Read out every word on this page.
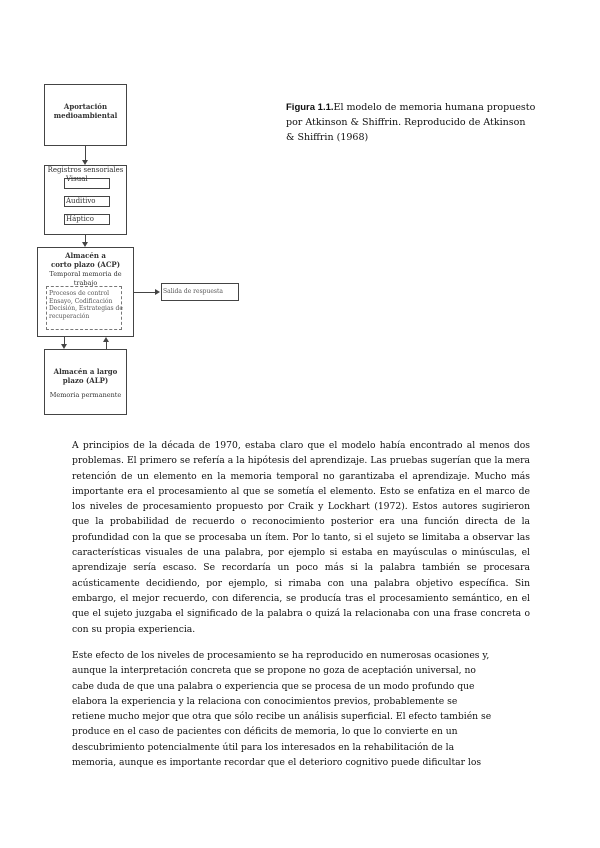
Aportación
medioambiental
Registros sensoriales
Visual
Auditivo
Háptico
Almacén a
corto plazo (ACP)
Temporal memoria de trabajo
Procesos de control
Ensayo, Codificación
Decisión, Estrategias de
recuperación
Salida de respuesta
Almacén a largo
plazo (ALP)
Memoria permanente
Figura 1.1.El modelo de memoria humana propuesto por Atkinson & Shiffrin. Reproducido de Atkinson & Shiffrin (1968)

A principios de la década de 1970, estaba claro que el modelo había encontrado al menos dos problemas. El primero se refería a la hipótesis del aprendizaje. Las pruebas sugerían que la mera retención de un elemento en la memoria temporal no garantizaba el aprendizaje. Mucho más importante era el procesamiento al que se sometía el elemento. Esto se enfatiza en el marco de los niveles de procesamiento propuesto por Craik y Lockhart (1972). Estos autores sugirieron que la probabilidad de recuerdo o reconocimiento posterior era una función directa de la profundidad con la que se procesaba un ítem. Por lo tanto, si el sujeto se limitaba a observar las características visuales de una palabra, por ejemplo si estaba en mayúsculas o minúsculas, el aprendizaje sería escaso. Se recordaría un poco más si la palabra también se procesara acústicamente decidiendo, por ejemplo, si rimaba con una palabra objetivo específica. Sin embargo, el mejor recuerdo, con diferencia, se producía tras el procesamiento semántico, en el que el sujeto juzgaba el significado de la palabra o quizá la relacionaba con una frase concreta o con su propia experiencia.

Este efecto de los niveles de procesamiento se ha reproducido en numerosas ocasiones y, aunque la interpretación concreta que se propone no goza de aceptación universal, no cabe duda de que una palabra o experiencia que se procesa de un modo profundo que elabora la experiencia y la relaciona con conocimientos previos, probablemente se retiene mucho mejor que otra que sólo recibe un análisis superficial. El efecto también se produce en el caso de pacientes con déficits de memoria, lo que lo convierte en un descubrimiento potencialmente útil para los interesados en la rehabilitación de la memoria, aunque es importante recordar que el deterioro cognitivo puede dificultar los
